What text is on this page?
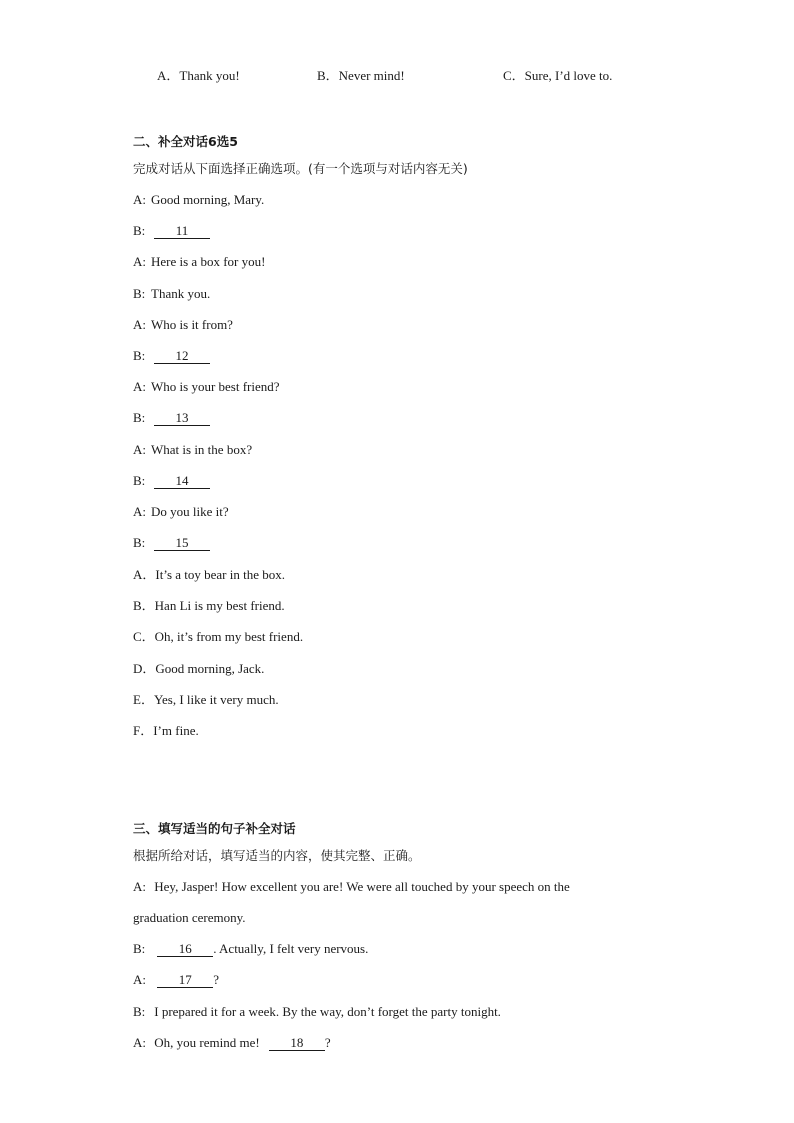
A．Thank you!	B．Never mind!	C．Sure, I’d love to.
二、补全对话6选5
完成对话从下面选择正确选项。(有一个选项与对话内容无关)
A: Good morning, Mary.
B: 11
A: Here is a box for you!
B: Thank you.
A: Who is it from?
B: 12
A: Who is your best friend?
B: 13
A: What is in the box?
B: 14
A: Do you like it?
B: 15
A．It’s a toy bear in the box.
B．Han Li is my best friend.
C．Oh, it’s from my best friend.
D．Good morning, Jack.
E．Yes, I like it very much.
F．I’m fine.
三、填写适当的句子补全对话
根据所给对话，填写适当的内容，使其完整、正确。
A: Hey, Jasper! How excellent you are! We were all touched by your speech on the
graduation ceremony.
B:	16 . Actually, I felt very nervous.
A:	17 ?
B: I prepared it for a week. By the way, don’t forget the party tonight.
A: Oh, you remind me! 18 ?
